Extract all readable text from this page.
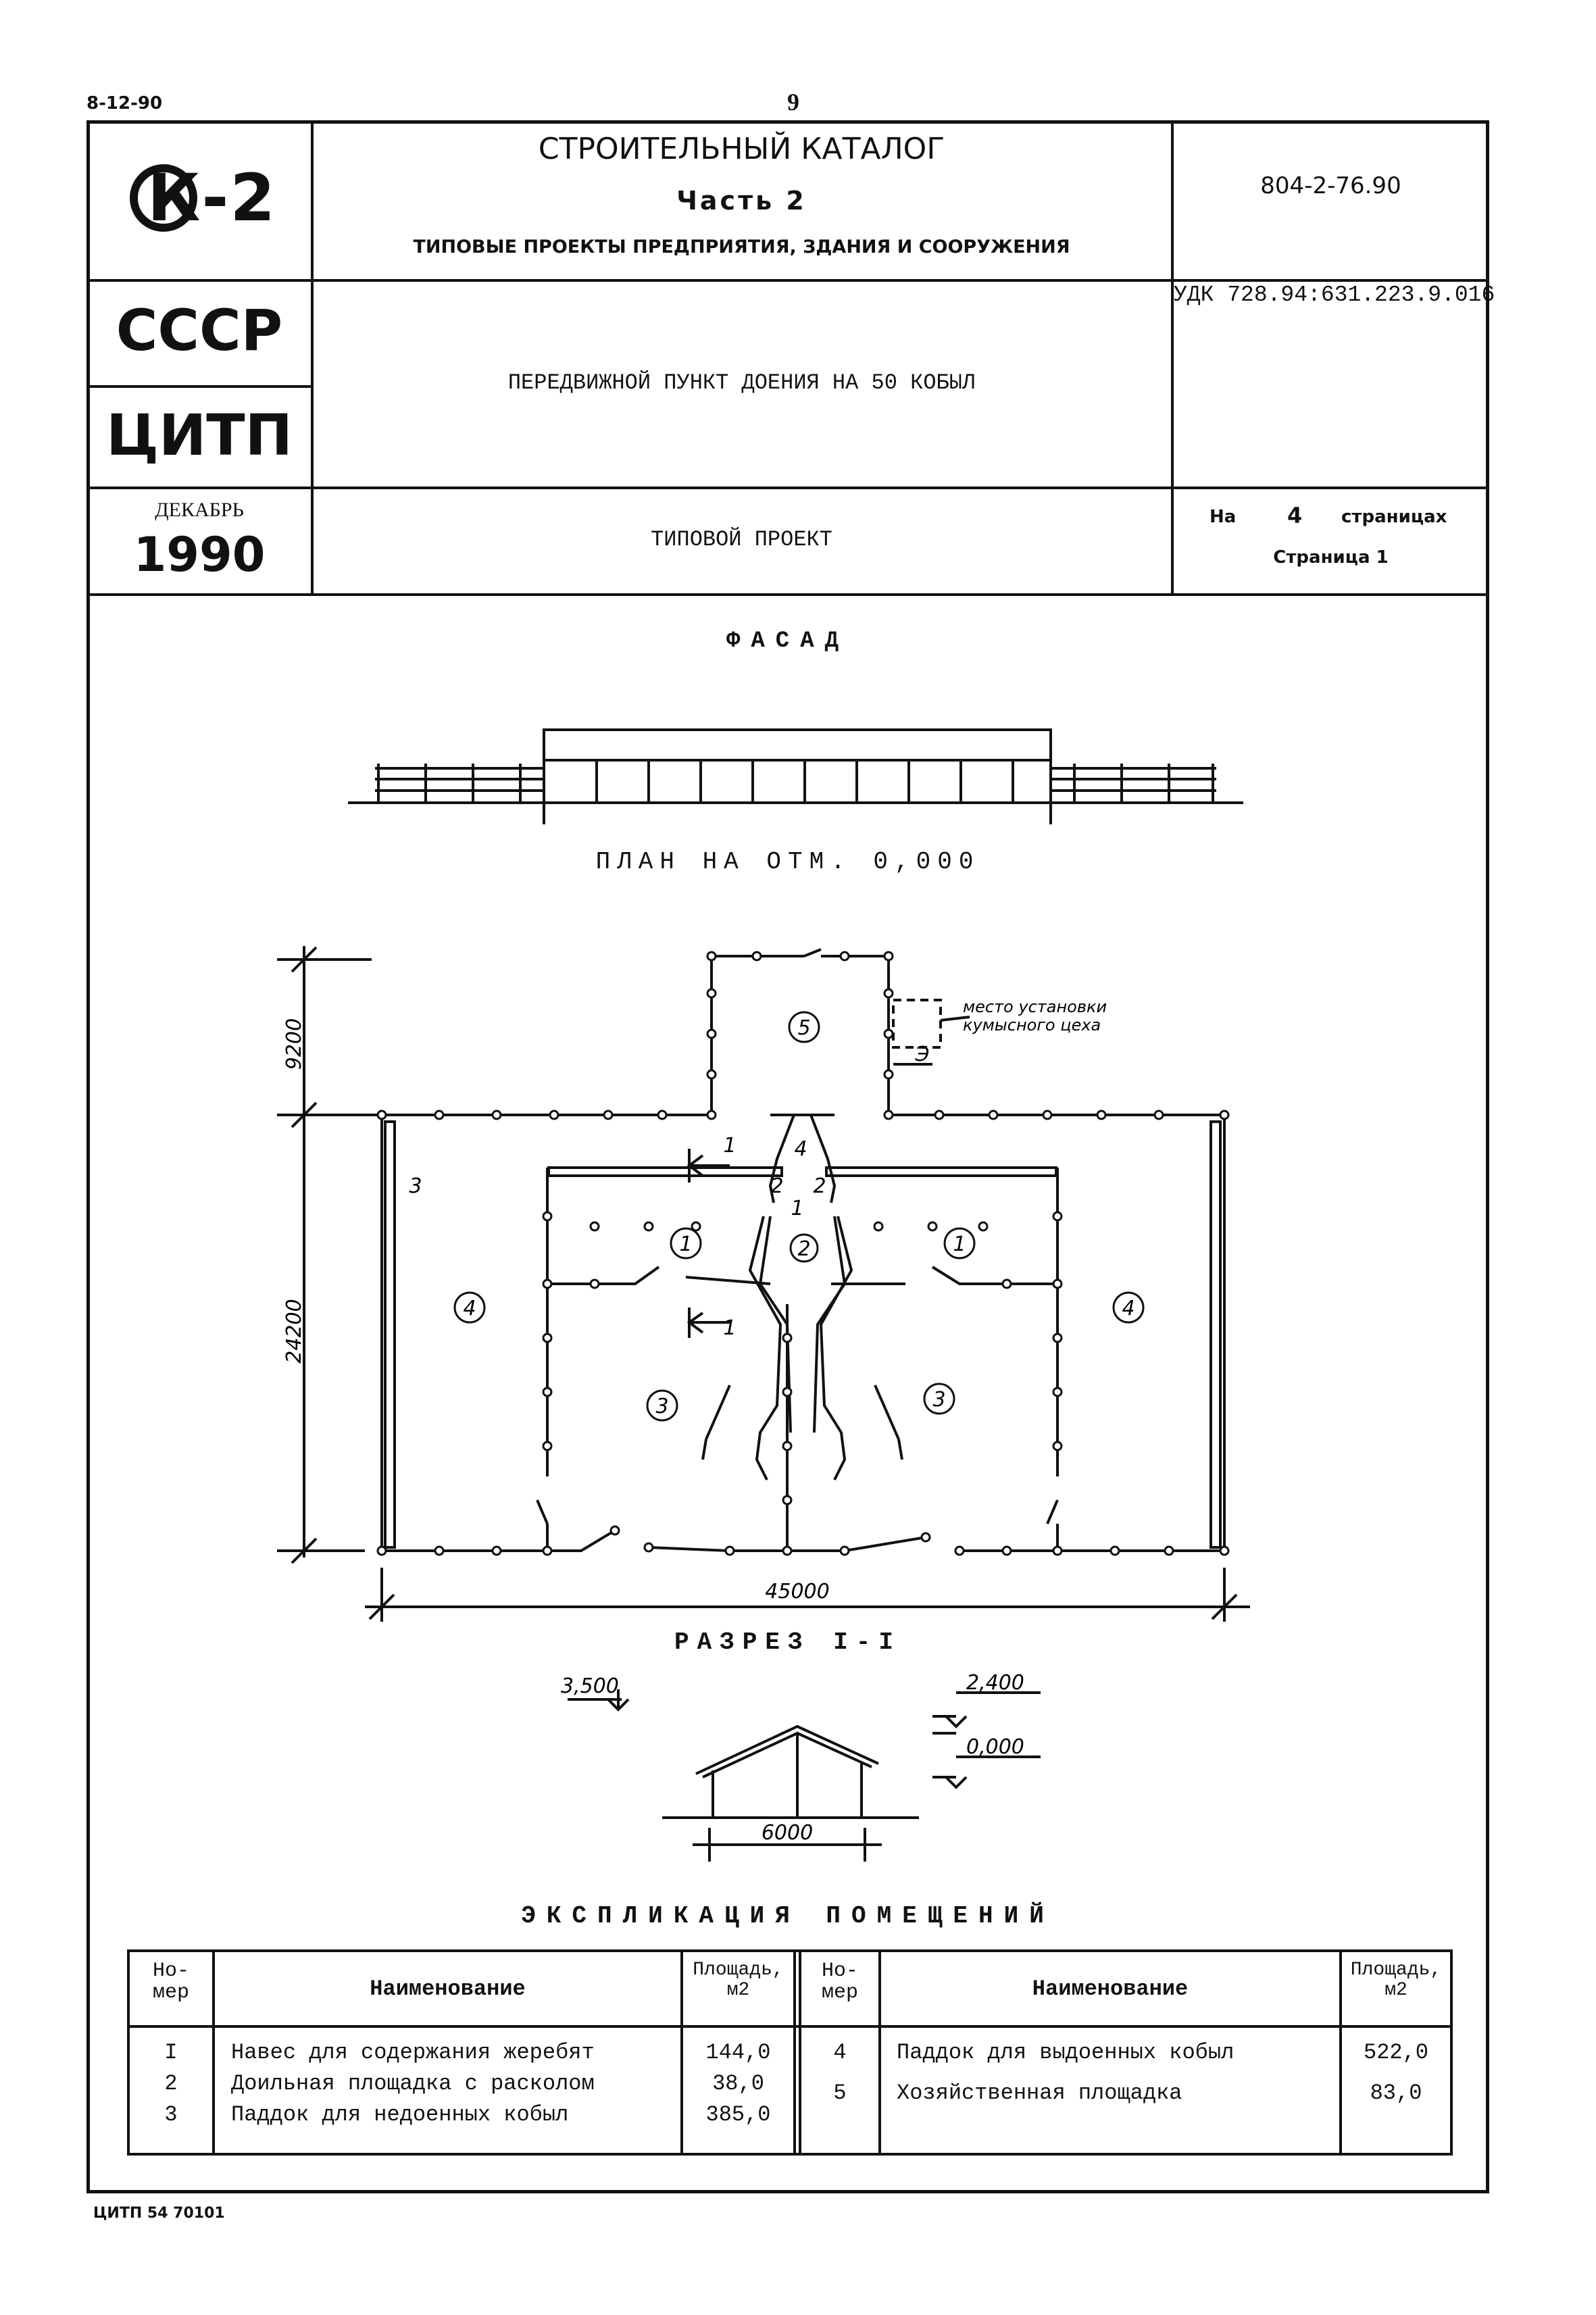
8-12-90	9
К-2
СТРОИТЕЛЬНЫЙ КАТАЛОГ
Часть 2
ТИПОВЫЕ ПРОЕКТЫ ПРЕДПРИЯТИЯ, ЗДАНИЯ И СООРУЖЕНИЯ
804-2-76.90
СССР
ЦИТП
УДК 728.94:631.223.9.016
ПЕРЕДВИЖНОЙ ПУНКТ ДОЕНИЯ НА 50 КОБЫЛ
ДЕКАБРЬ
1990	ТИПОВОЙ ПРОЕКТ
На 4 страницах
Страница 1
ФАСАД
ПЛАН НА ОТМ. 0,000
РАЗРЕЗ I-I
5
1	2	1
4	4
3	3
3
1
1
4
2 2
1
Э
место установки
кумысного цеха
9200
24200
45000
3,500	2,400
0,000
6000
ЭКСПЛИКАЦИЯ ПОМЕЩЕНИЙ
Но-
мер	Наименование
Площадь,
м2
Но-
мер	Наименование
Площадь,
м2
I	Навес для содержания жеребят	144,0
2	Доильная площадка с расколом	38,0
3	Паддок для недоенных кобыл	385,0
4	Паддок для выдоенных кобыл	522,0
5	Хозяйственная площадка	83,0
ЦИТП 54 70101
